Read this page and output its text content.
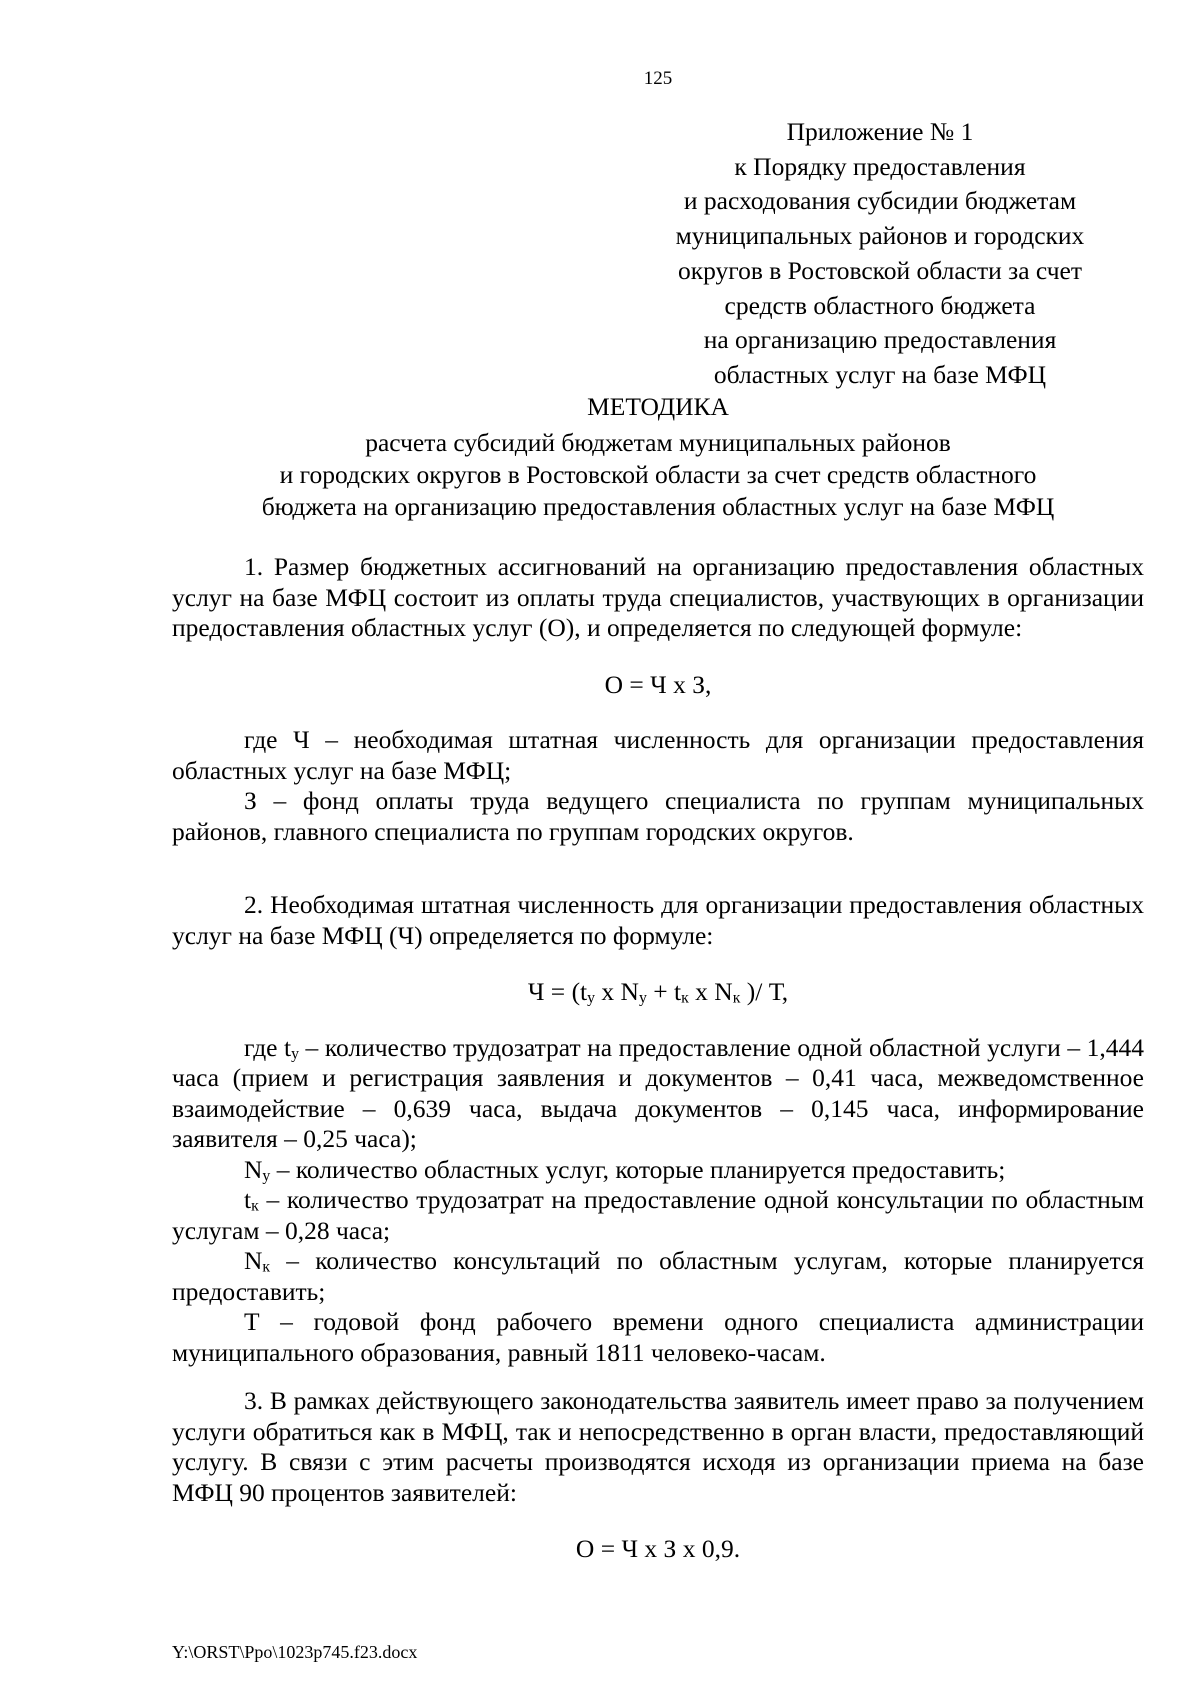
125
Приложение № 1
к Порядку предоставления
и расходования субсидии бюджетам
муниципальных районов и городских
округов в Ростовской области за счет
средств областного бюджета
на организацию предоставления
областных услуг на базе МФЦ
МЕТОДИКА
расчета субсидий бюджетам муниципальных районов
и городских округов в Ростовской области за счет средств областного
бюджета на организацию предоставления областных услуг на базе МФЦ

1. Размер бюджетных ассигнований на организацию предоставления областных услуг на базе МФЦ состоит из оплаты труда специалистов, участвующих в организации предоставления областных услуг (О), и определяется по следующей формуле:

О = Ч х З,

где Ч – необходимая штатная численность для организации предоставления областных услуг на базе МФЦ;

З – фонд оплаты труда ведущего специалиста по группам муниципальных районов, главного специалиста по группам городских округов.

2. Необходимая штатная численность для организации предоставления областных услуг на базе МФЦ (Ч) определяется по формуле:

$Ч = (t_у$ х $N_у + t_к$ х $N_к$ )/ Т,

где $t_у$ – количество трудозатрат на предоставление одной областной услуги – 1,444 часа (прием и регистрация заявления и документов – 0,41 часа, межведомственное взаимодействие – 0,639 часа, выдача документов – 0,145 часа, информирование заявителя – 0,25 часа);

$N_у$ – количество областных услуг, которые планируется предоставить;

$t_к$ – количество трудозатрат на предоставление одной консультации по областным услугам – 0,28 часа;

$N_к$ – количество консультаций по областным услугам, которые планируется предоставить;

Т – годовой фонд рабочего времени одного специалиста администрации муниципального образования, равный 1811 человеко-часам.

3. В рамках действующего законодательства заявитель имеет право за получением услуги обратиться как в МФЦ, так и непосредственно в орган власти, предоставляющий услугу. В связи с этим расчеты производятся исходя из организации приема на базе МФЦ 90 процентов заявителей:

О = Ч х З х 0,9.

Y:\ORST\Ppo\1023p745.f23.docx
